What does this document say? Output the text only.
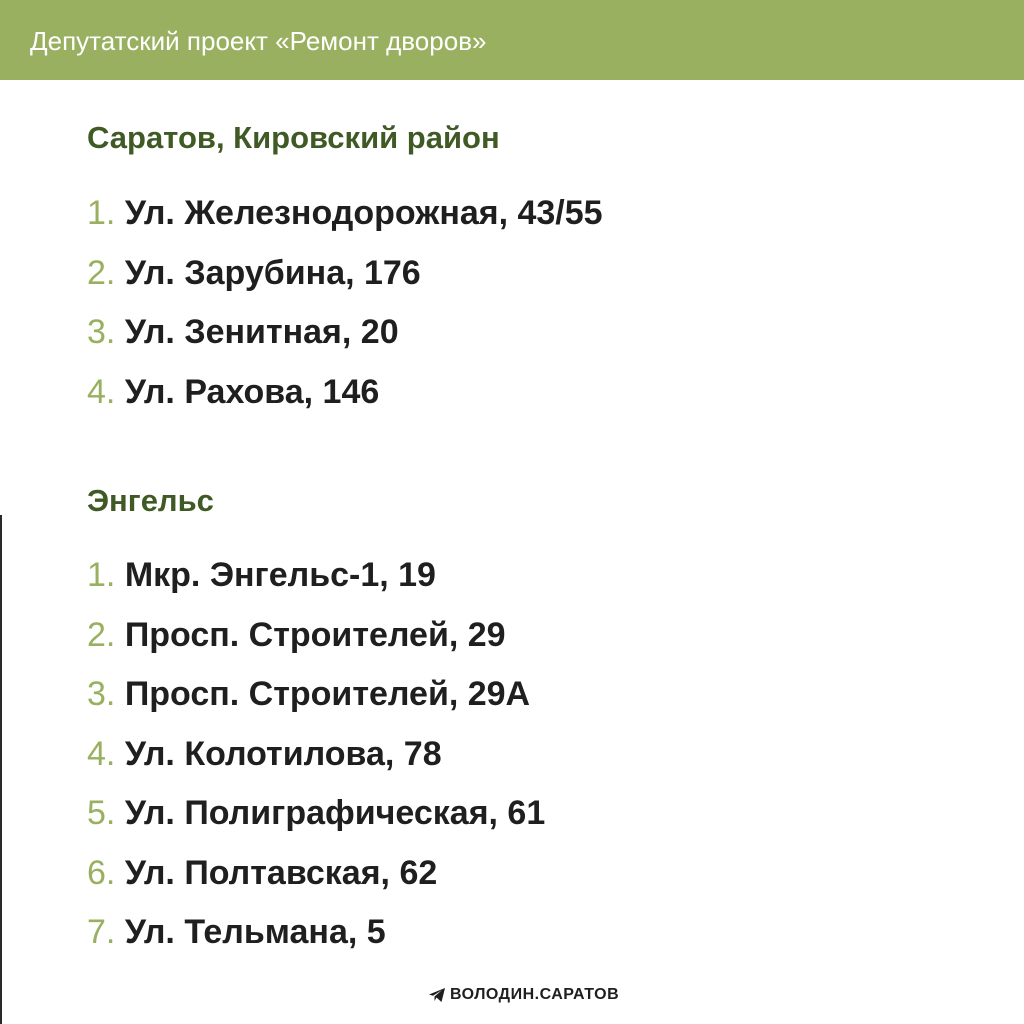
Депутатский проект «Ремонт дворов»
Саратов, Кировский район
1. Ул. Железнодорожная, 43/55
2. Ул. Зарубина, 176
3. Ул. Зенитная, 20
4. Ул. Рахова, 146
Энгельс
1. Мкр. Энгельс-1, 19
2. Просп. Строителей, 29
3. Просп. Строителей, 29А
4. Ул. Колотилова, 78
5. Ул. Полиграфическая, 61
6. Ул. Полтавская, 62
7. Ул. Тельмана, 5
ВОЛОДИН.САРАТОВ
